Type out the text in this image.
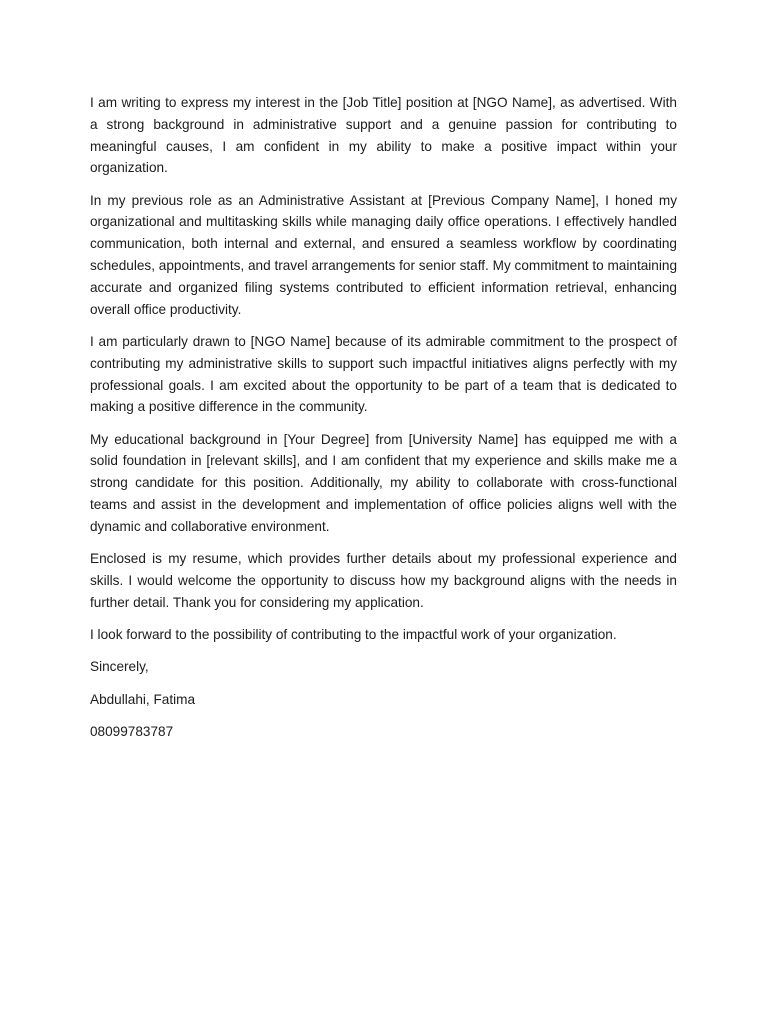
I am writing to express my interest in the [Job Title] position at [NGO Name], as advertised. With a strong background in administrative support and a genuine passion for contributing to meaningful causes, I am confident in my ability to make a positive impact within your organization.

In my previous role as an Administrative Assistant at [Previous Company Name], I honed my organizational and multitasking skills while managing daily office operations. I effectively handled communication, both internal and external, and ensured a seamless workflow by coordinating schedules, appointments, and travel arrangements for senior staff. My commitment to maintaining accurate and organized filing systems contributed to efficient information retrieval, enhancing overall office productivity.

I am particularly drawn to [NGO Name] because of its admirable commitment to the prospect of contributing my administrative skills to support such impactful initiatives aligns perfectly with my professional goals. I am excited about the opportunity to be part of a team that is dedicated to making a positive difference in the community.

My educational background in [Your Degree] from [University Name] has equipped me with a solid foundation in [relevant skills], and I am confident that my experience and skills make me a strong candidate for this position. Additionally, my ability to collaborate with cross-functional teams and assist in the development and implementation of office policies aligns well with the dynamic and collaborative environment.

Enclosed is my resume, which provides further details about my professional experience and skills. I would welcome the opportunity to discuss how my background aligns with the needs in further detail. Thank you for considering my application.

I look forward to the possibility of contributing to the impactful work of your organization.

Sincerely,

Abdullahi, Fatima

08099783787
